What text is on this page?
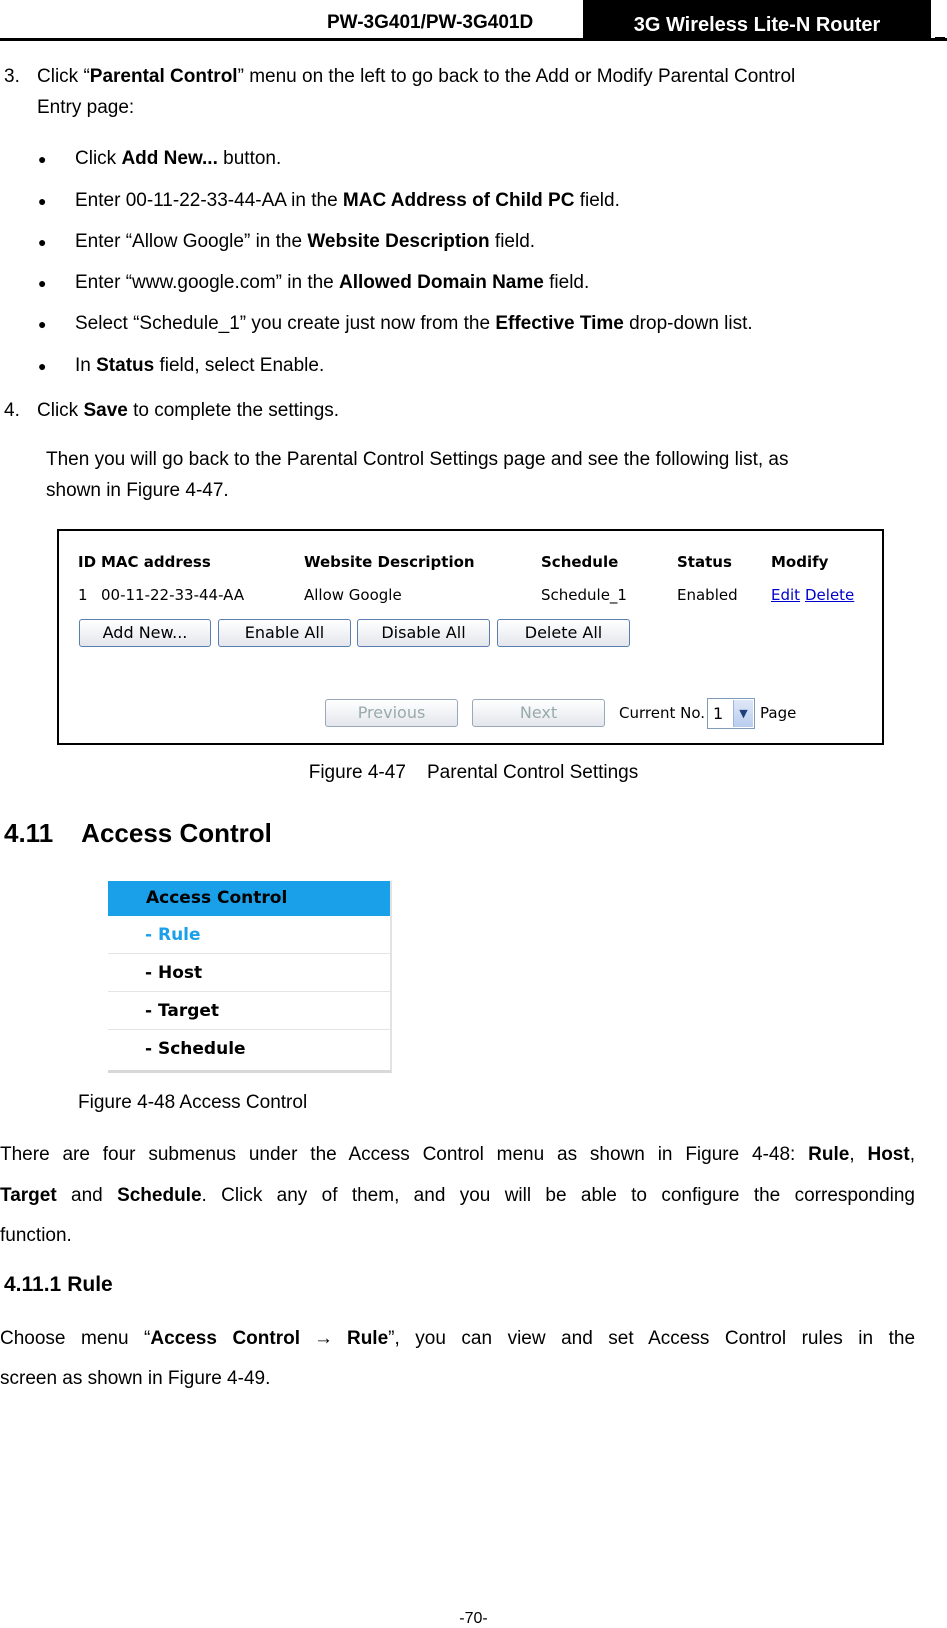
PW-3G401/PW-3G401D	3G Wireless Lite-N Router
3. Click “Parental Control” menu on the left to go back to the Add or Modify Parental Control
Entry page:
● Click Add New... button.
● Enter 00-11-22-33-44-AA in the MAC Address of Child PC field.
● Enter “Allow Google” in the Website Description field.
● Enter “www.google.com” in the Allowed Domain Name field.
● Select “Schedule_1” you create just now from the Effective Time drop-down list.
● In Status field, select Enable.
4. Click Save to complete the settings.
Then you will go back to the Parental Control Settings page and see the following list, as
shown in Figure 4-47.
ID MAC address	Website Description	Schedule	Status	Modify
1 00-11-22-33-44-AA	Allow Google	Schedule_1	Enabled Edit Delete
Add New...	Enable All	Disable All	Delete All
Previous	Next	Current No. 1	▼ Page
Figure 4-47    Parental Control Settings
4.11 Access Control
Access Control
- Rule
- Host
- Target
- Schedule
Figure 4-48 Access Control
There are four submenus under the Access Control menu as shown in Figure 4-48: Rule, Host,
Target and Schedule. Click any of them, and you will be able to configure the corresponding
function.
4.11.1 Rule
Choose menu “Access Control → Rule”, you can view and set Access Control rules in the
screen as shown in Figure 4-49.
-70-
